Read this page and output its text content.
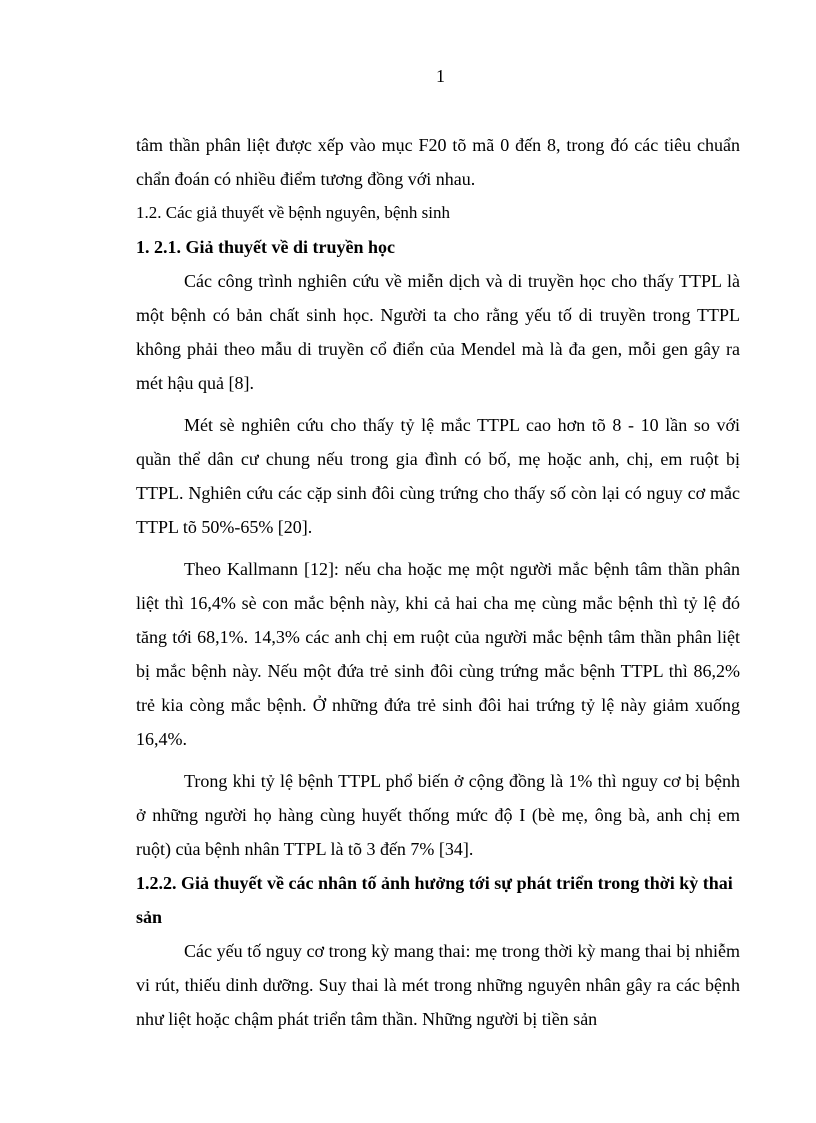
1

tâm thần phân liệt được xếp vào mục F20 tõ mã 0 đến 8, trong đó các tiêu chuẩn chẩn đoán có nhiều điểm tương đồng với nhau.

1.2. Các giả thuyết về bệnh nguyên, bệnh sinh

1. 2.1. Giả thuyết về di truyền học

Các công trình nghiên cứu về miễn dịch và di truyền học cho thấy TTPL là một bệnh có bản chất sinh học. Người ta cho rằng yếu tố di truyền trong TTPL không phải theo mẫu di truyền cổ điển của Mendel mà là đa gen, mỗi gen gây ra mét hậu quả [8].

Mét sè nghiên cứu cho thấy tỷ lệ mắc TTPL cao hơn tõ 8 - 10 lần so với quần thể dân cư chung nếu trong gia đình có bố, mẹ hoặc anh, chị, em ruột bị TTPL. Nghiên cứu các cặp sinh đôi cùng trứng cho thấy số còn lại có nguy cơ mắc TTPL tõ 50%-65% [20].

Theo Kallmann [12]: nếu cha hoặc mẹ một người mắc bệnh tâm thần phân liệt thì 16,4% sè con mắc bệnh này, khi cả hai cha mẹ cùng mắc bệnh thì tỷ lệ đó tăng tới 68,1%. 14,3% các anh chị em ruột của người mắc bệnh tâm thần phân liệt bị mắc bệnh này. Nếu một đứa trẻ sinh đôi cùng trứng mắc bệnh TTPL thì 86,2% trẻ kia còng mắc bệnh. Ở những đứa trẻ sinh đôi hai trứng tỷ lệ này giảm xuống 16,4%.

Trong khi tỷ lệ bệnh TTPL phổ biến ở cộng đồng là 1% thì nguy cơ bị bệnh ở những người họ hàng cùng huyết thống mức độ I (bè mẹ, ông bà, anh chị em ruột) của bệnh nhân TTPL là tõ 3 đến 7% [34].

1.2.2. Giả thuyết về các nhân tố ảnh hưởng tới sự phát triển trong thời kỳ thai sản

Các yếu tố nguy cơ trong kỳ mang thai: mẹ trong thời kỳ mang thai bị nhiễm vi rút, thiếu dinh dưỡng. Suy thai là mét trong những nguyên nhân gây ra các bệnh như liệt hoặc chậm phát triển tâm thần. Những người bị tiền sản
